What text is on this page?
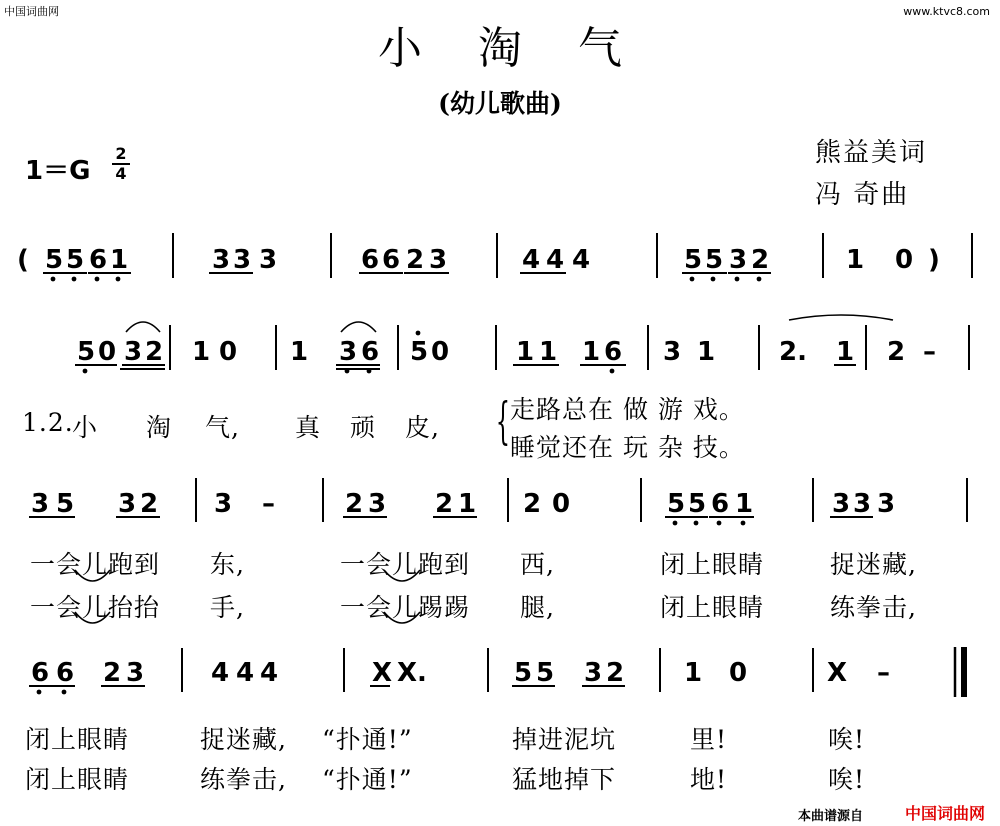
中国词曲网	www.ktvc8.com
小淘气
(幼儿歌曲)
1＝G
2
4
熊益美词
冯 奇曲
( 5 5 6 1	3 3 3	6 6 2 3	4 4 4	5 5 3 2	1 0 )
5 0 3 2 1 0 1 3 6 5 0	1 1 1 6 3 1 2. 1 2 –
3 5 3 2 3 –	2 3 2 1 2 0	5 5 6 1	3 3 3
6 6 2 3	4 4 4	X X.	5 5 3 2 1 0	X –
1.2.
小 淘 气, 真 顽 皮, { 走路总在 做 游 戏。
睡觉还在 玩 杂 技。
一会儿跑到 东,	一会儿跑到 西,	闭上眼睛	捉迷藏,
一会儿抬抬 手,	一会儿踢踢 腿,	闭上眼睛	练拳击,
闭上眼睛	捉迷藏, “扑通!”	掉进泥坑	里!	唉!
闭上眼睛	练拳击, “扑通!”	猛地掉下	地!	唉!
本曲谱源自	中国词曲网
